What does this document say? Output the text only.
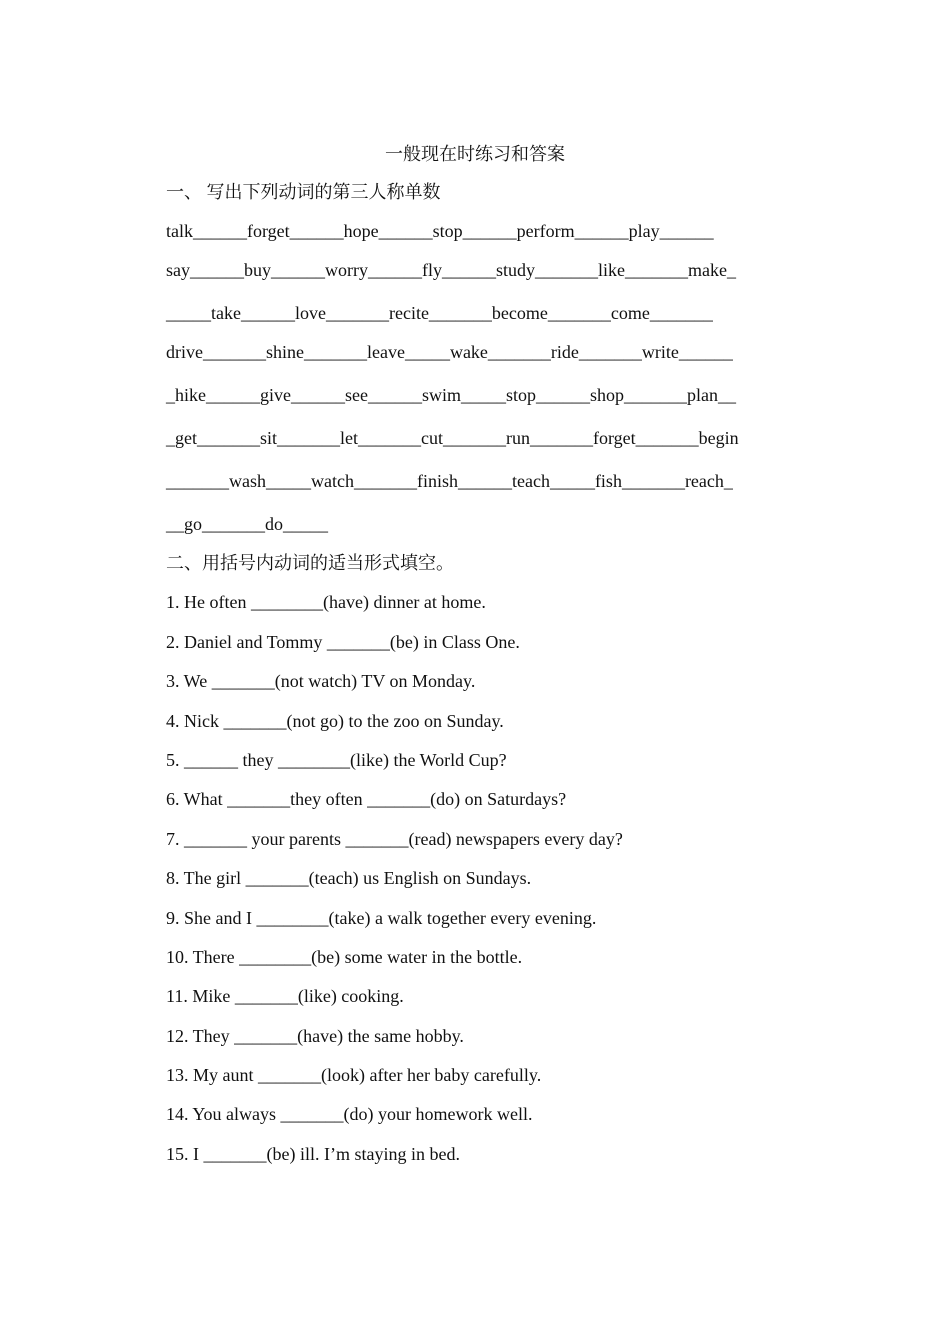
一般现在时练习和答案
一、 写出下列动词的第三人称单数
talk______forget______hope______stop______perform______play______
say______buy______worry______fly______study_______like_______make_
_____take______love_______recite_______become_______come_______
drive_______shine_______leave_____wake_______ride_______write______
_hike______give______see______swim_____stop______shop_______plan__
_get_______sit_______let_______cut_______run_______forget_______begin
_______wash_____watch_______finish______teach_____fish_______reach_
__go_______do_____
二、用括号内动词的适当形式填空。
1. He often ________(have) dinner at home.
2. Daniel and Tommy _______(be) in Class One.
3. We _______(not watch) TV on Monday.
4. Nick _______(not go) to the zoo on Sunday.
5. ______ they ________(like) the World Cup?
6. What _______they often _______(do) on Saturdays?
7. _______ your parents _______(read) newspapers every day?
8. The girl _______(teach) us English on Sundays.
9. She and I ________(take) a walk together every evening.
10. There ________(be) some water in the bottle.
11. Mike _______(like) cooking.
12. They _______(have) the same hobby.
13. My aunt _______(look) after her baby carefully.
14. You always _______(do) your homework well.
15. I _______(be) ill. I’m staying in bed.
